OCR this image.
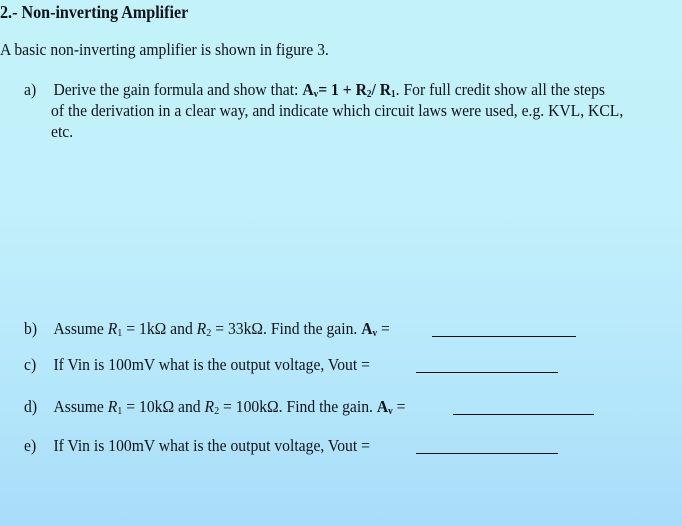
2.- Non-inverting Amplifier
A basic non-inverting amplifier is shown in figure 3.
a) Derive the gain formula and show that: Av= 1 + R2/ R1. For full credit show all the steps
of the derivation in a clear way, and indicate which circuit laws were used, e.g. KVL, KCL,
etc.
b) Assume R1 = 1kΩ and R2 = 33kΩ. Find the gain. Av =
c) If Vin is 100mV what is the output voltage, Vout =
d) Assume R1 = 10kΩ and R2 = 100kΩ. Find the gain. Av =
e) If Vin is 100mV what is the output voltage, Vout =
